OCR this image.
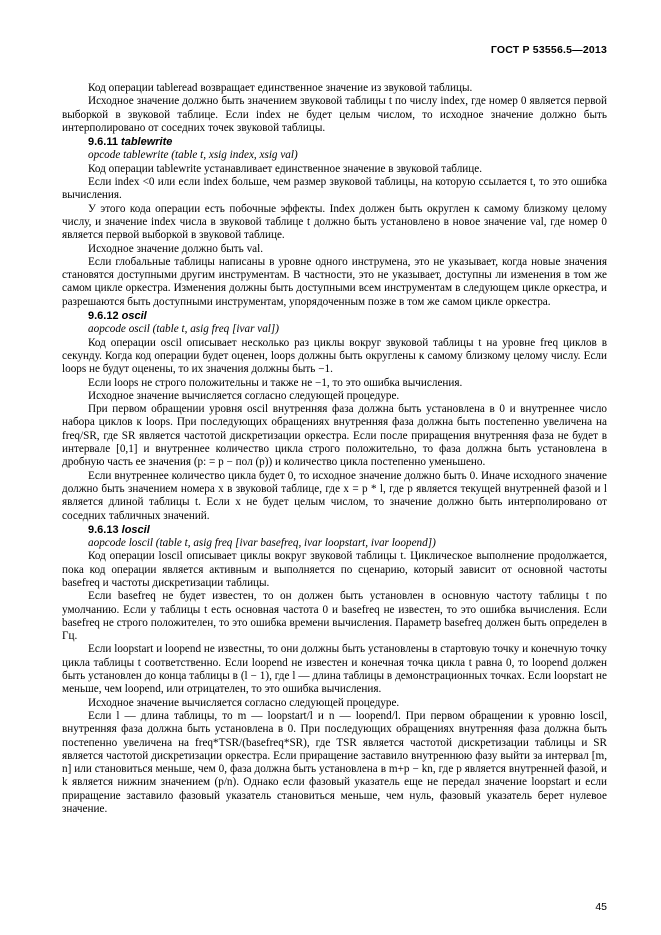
ГОСТ Р 53556.5—2013

Код операции tableread возвращает единственное значение из звуковой таблицы.

Исходное значение должно быть значением звуковой таблицы t по числу index, где номер 0 является первой выборкой в звуковой таблице. Если index не будет целым числом, то исходное значение должно быть интерполировано от соседних точек звуковой таблицы.

9.6.11 tablewrite

opcode tablewrite (table t, xsig index, xsig val)

Код операции tablewrite устанавливает единственное значение в звуковой таблице.

Если index <0 или если index больше, чем размер звуковой таблицы, на которую ссылается t, то это ошибка вычисления.

У этого кода операции есть побочные эффекты. Index должен быть округлен к самому близкому целому числу, и значение index числа в звуковой таблице t должно быть установлено в новое значение val, где номер 0 является первой выборкой в звуковой таблице.

Исходное значение должно быть val.

Если глобальные таблицы написаны в уровне одного инструмена, это не указывает, когда новые значения становятся доступными другим инструментам. В частности, это не указывает, доступны ли изменения в том же самом цикле оркестра. Изменения должны быть доступными всем инструментам в следующем цикле оркестра, и разрешаются быть доступными инструментам, упорядоченным позже в том же самом цикле оркестра.

9.6.12 oscil

aopcode oscil (table t, asig freq [ivar val])

Код операции oscil описывает несколько раз циклы вокруг звуковой таблицы t на уровне freq циклов в секунду. Когда код операции будет оценен, loops должны быть округлены к самому близкому целому числу. Если loops не будут оценены, то их значения должны быть −1.

Если loops не строго положительны и также не −1, то это ошибка вычисления.

Исходное значение вычисляется согласно следующей процедуре.

При первом обращении уровня oscil внутренняя фаза должна быть установлена в 0 и внутреннее число набора циклов к loops. При последующих обращениях внутренняя фаза должна быть постепенно увеличена на freq/SR, где SR является частотой дискретизации оркестра. Если после приращения внутренняя фаза не будет в интервале [0,1] и внутреннее количество цикла строго положительно, то фаза должна быть установлена в дробную часть ее значения (p: = p − пол (p)) и количество цикла постепенно уменьшено.

Если внутреннее количество цикла будет 0, то исходное значение должно быть 0. Иначе исходного значение должно быть значением номера x в звуковой таблице, где x = p * l, где p является текущей внутренней фазой и l является длиной таблицы t. Если x не будет целым числом, то значение должно быть интерполировано от соседних табличных значений.

9.6.13 loscil

aopcode loscil (table t, asig freq [ivar basefreq, ivar loopstart, ivar loopend])

Код операции loscil описывает циклы вокруг звуковой таблицы t. Циклическое выполнение продолжается, пока код операции является активным и выполняется по сценарию, который зависит от основной частоты basefreq и частоты дискретизации таблицы.

Если basefreq не будет известен, то он должен быть установлен в основную частоту таблицы t по умолчанию. Если у таблицы t есть основная частота 0 и basefreq не известен, то это ошибка вычисления. Если basefreq не строго положителен, то это ошибка времени вычисления. Параметр basefreq должен быть определен в Гц.

Если loopstart и loopend не известны, то они должны быть установлены в стартовую точку и конечную точку цикла таблицы t соответственно. Если loopend не известен и конечная точка цикла t равна 0, то loopend должен быть установлен до конца таблицы в (l − 1), где l — длина таблицы в демонстрационных точках. Если loopstart не меньше, чем loopend, или отрицателен, то это ошибка вычисления.

Исходное значение вычисляется согласно следующей процедуре.

Если l — длина таблицы, то m — loopstart/l и n — loopend/l. При первом обращении к уровню loscil, внутренняя фаза должна быть установлена в 0. При последующих обращениях внутренняя фаза должна быть постепенно увеличена на freq*TSR/(basefreq*SR), где TSR является частотой дискретизации таблицы и SR является частотой дискретизации оркестра. Если приращение заставило внутреннюю фазу выйти за интервал [m, n] или становиться меньше, чем 0, фаза должна быть установлена в m+p − kn, где p является внутренней фазой, и k является нижним значением (p/n). Однако если фазовый указатель еще не передал значение loopstart и если приращение заставило фазовый указатель становиться меньше, чем нуль, фазовый указатель берет нулевое значение.

45
